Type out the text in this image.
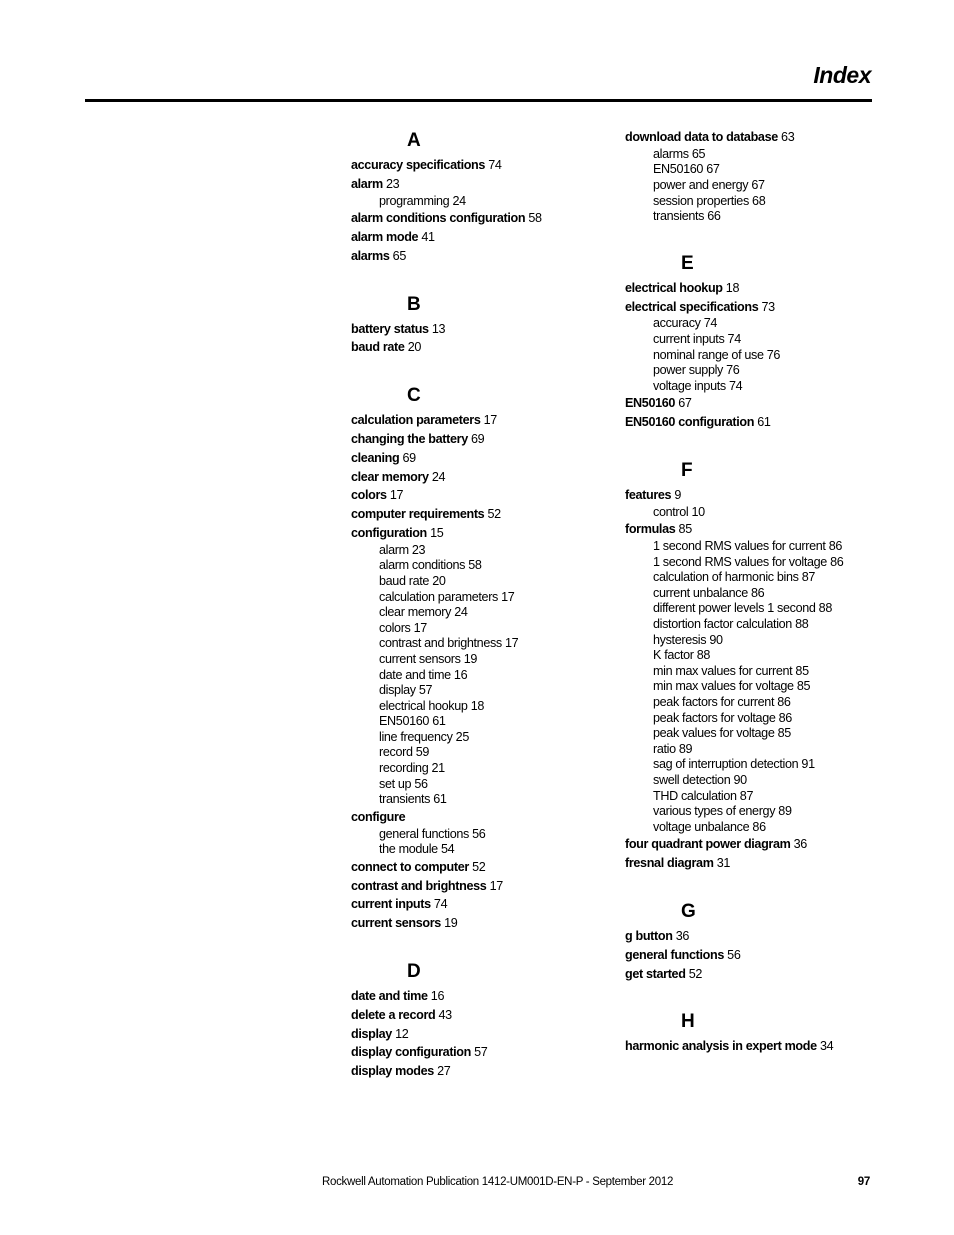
Index
A
accuracy specifications 74
alarm 23
programming 24
alarm conditions configuration 58
alarm mode 41
alarms 65
B
battery status 13
baud rate 20
C
calculation parameters 17
changing the battery 69
cleaning 69
clear memory 24
colors 17
computer requirements 52
configuration 15
alarm 23
alarm conditions 58
baud rate 20
calculation parameters 17
clear memory 24
colors 17
contrast and brightness 17
current sensors 19
date and time 16
display 57
electrical hookup 18
EN50160 61
line frequency 25
record 59
recording 21
set up 56
transients 61
configure
general functions 56
the module 54
connect to computer 52
contrast and brightness 17
current inputs 74
current sensors 19
D
date and time 16
delete a record 43
display 12
display configuration 57
display modes 27
download data to database 63
alarms 65
EN50160 67
power and energy 67
session properties 68
transients 66
E
electrical hookup 18
electrical specifications 73
accuracy 74
current inputs 74
nominal range of use 76
power supply 76
voltage inputs 74
EN50160 67
EN50160 configuration 61
F
features 9
control 10
formulas 85
1 second RMS values for current 86
1 second RMS values for voltage 86
calculation of harmonic bins 87
current unbalance 86
different power levels 1 second 88
distortion factor calculation 88
hysteresis 90
K factor 88
min max values for current 85
min max values for voltage 85
peak factors for current 86
peak factors for voltage 86
peak values for voltage 85
ratio 89
sag of interruption detection 91
swell detection 90
THD calculation 87
various types of energy 89
voltage unbalance 86
four quadrant power diagram 36
fresnal diagram 31
G
g button 36
general functions 56
get started 52
H
harmonic analysis in expert mode 34
Rockwell Automation Publication 1412-UM001D-EN-P - September 2012	97
